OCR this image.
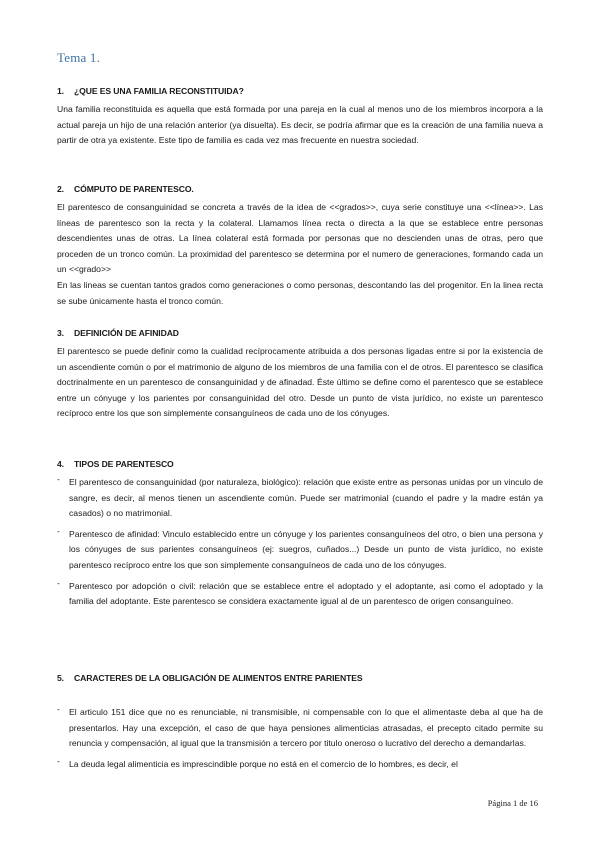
Tema 1.
1. ¿QUE ES UNA FAMILIA RECONSTITUIDA?

Una familia reconstituida es aquella que está formada por una pareja en la cual al menos uno de los miembros incorpora a la actual pareja un hijo de una relación anterior (ya disuelta). Es decir, se podría afirmar que es la creación de una familia nueva a partir de otra ya existente. Este tipo de familia es cada vez mas frecuente en nuestra sociedad.

2. CÓMPUTO DE PARENTESCO.

El parentesco de consanguinidad se concreta a través de la idea de <<grados>>, cuya serie constituye una <<línea>>. Las líneas de parentesco son la recta y la colateral. Llamamos línea recta o directa a la que se establece entre personas descendientes unas de otras. La línea colateral está formada por personas que no descienden unas de otras, pero que proceden de un tronco común. La proximidad del parentesco se determina por el numero de generaciones, formando cada un un <<grado>>

En las lineas se cuentan tantos grados como generaciones o como personas, descontando las del progenitor. En la linea recta se sube únicamente hasta el tronco común.

3. DEFINICIÓN DE AFINIDAD

El parentesco se puede definir como la cualidad recíprocamente atribuida a dos personas ligadas entre si por la existencia de un ascendiente común o por el matrimonio de alguno de los miembros de una familia con el de otros. El parentesco se clasifica doctrinalmente en un parentesco de consanguinidad y de afinadad. Éste último se define como el parentesco que se establece entre un cónyuge y los parientes por consanguinidad del otro. Desde un punto de vista jurídico, no existe un parentesco recíproco entre los que son simplemente consanguíneos de cada uno de los cónyuges.

4. TIPOS DE PARENTESCO
- El parentesco de consanguinidad (por naturaleza, biológico): relación que existe entre as personas unidas por un vinculo de sangre, es decir, al menos tienen un ascendiente común. Puede ser matrimonial (cuando el padre y la madre están ya casados) o no matrimonial.
- Parentesco de afinidad: Vinculo establecido entre un cónyuge y los parientes consanguíneos del otro, o bien una persona y los cónyuges de sus parientes consanguíneos (ej: suegros, cuñados...) Desde un punto de vista jurídico, no existe parentesco recíproco entre los que son simplemente consanguíneos de cada uno de los cónyuges.
- Parentesco por adopción o civil: relación que se establece entre el adoptado y el adoptante, asi como el adoptado y la familia del adoptante. Este parentesco se considera exactamente igual al de un parentesco de origen consanguíneo.
5. CARACTERES DE LA OBLIGACIÓN DE ALIMENTOS ENTRE PARIENTES
- El articulo 151 dice que no es renunciable, ni transmisible, ni compensable con lo que el alimentaste deba al que ha de presentarlos. Hay una excepción, el caso de que haya pensiones alimenticias atrasadas, el precepto citado permite su renuncia y compensación, al igual que la transmisión a tercero por titulo oneroso o lucrativo del derecho a demandarlas.
- La deuda legal alimenticia es imprescindible porque no está en el comercio de lo hombres, es decir, el
Página 1 de 16
